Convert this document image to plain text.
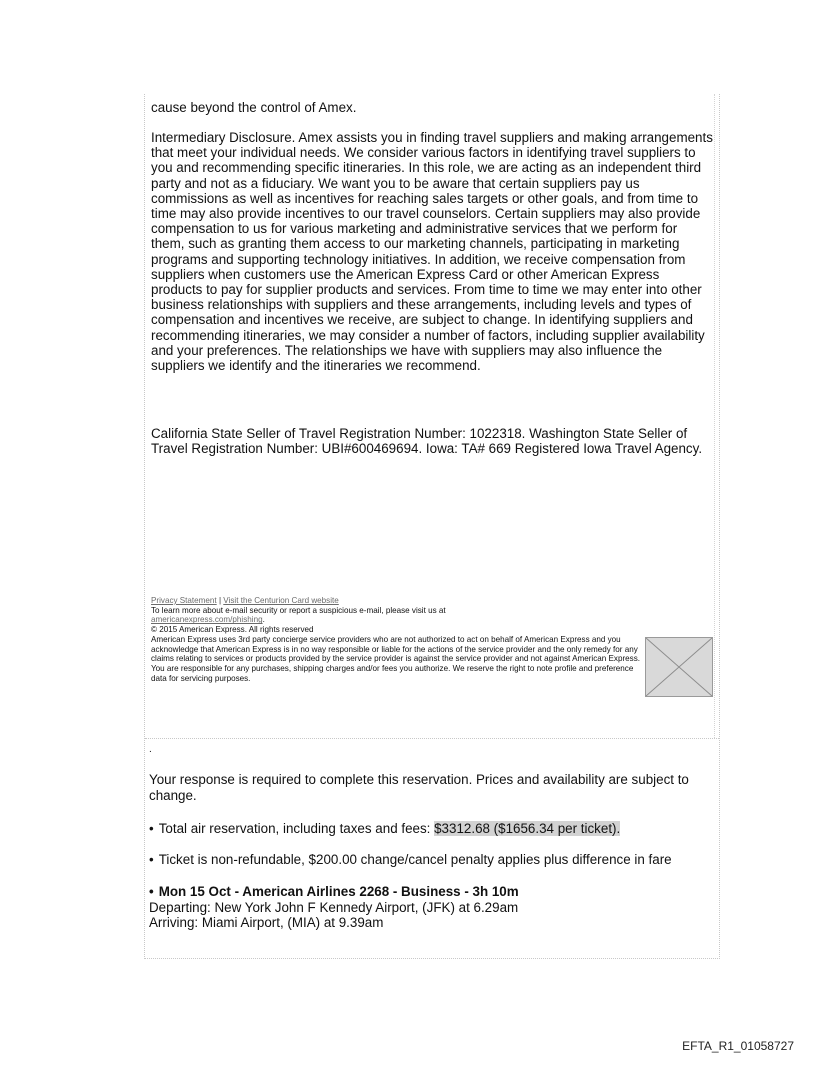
cause beyond the control of Amex.

Intermediary Disclosure. Amex assists you in finding travel suppliers and making arrangements that meet your individual needs. We consider various factors in identifying travel suppliers to you and recommending specific itineraries. In this role, we are acting as an independent third party and not as a fiduciary. We want you to be aware that certain suppliers pay us commissions as well as incentives for reaching sales targets or other goals, and from time to time may also provide incentives to our travel counselors. Certain suppliers may also provide compensation to us for various marketing and administrative services that we perform for them, such as granting them access to our marketing channels, participating in marketing programs and supporting technology initiatives. In addition, we receive compensation from suppliers when customers use the American Express Card or other American Express products to pay for supplier products and services. From time to time we may enter into other business relationships with suppliers and these arrangements, including levels and types of compensation and incentives we receive, are subject to change. In identifying suppliers and recommending itineraries, we may consider a number of factors, including supplier availability and your preferences. The relationships we have with suppliers may also influence the suppliers we identify and the itineraries we recommend.

California State Seller of Travel Registration Number: 1022318. Washington State Seller of Travel Registration Number: UBI#600469694. Iowa: TA# 669 Registered Iowa Travel Agency.

Privacy Statement | Visit the Centurion Card website
To learn more about e-mail security or report a suspicious e-mail, please visit us at
americanexpress.com/phishing.
© 2015 American Express. All rights reserved
American Express uses 3rd party concierge service providers who are not authorized to act on behalf of American Express and you acknowledge that American Express is in no way responsible or liable for the actions of the service provider and the only remedy for any claims relating to services or products provided by the service provider is against the service provider and not against American Express. You are responsible for any purchases, shipping charges and/or fees you authorize. We reserve the right to note profile and preference data for servicing purposes.
.

Your response is required to complete this reservation. Prices and availability are subject to change.

• Total air reservation, including taxes and fees: $3312.68 ($1656.34 per ticket).

• Ticket is non-refundable, $200.00 change/cancel penalty applies plus difference in fare

• Mon 15 Oct - American Airlines 2268 - Business - 3h 10m
Departing: New York John F Kennedy Airport, (JFK) at 6.29am
Arriving: Miami Airport, (MIA) at 9.39am
EFTA_R1_01058727
